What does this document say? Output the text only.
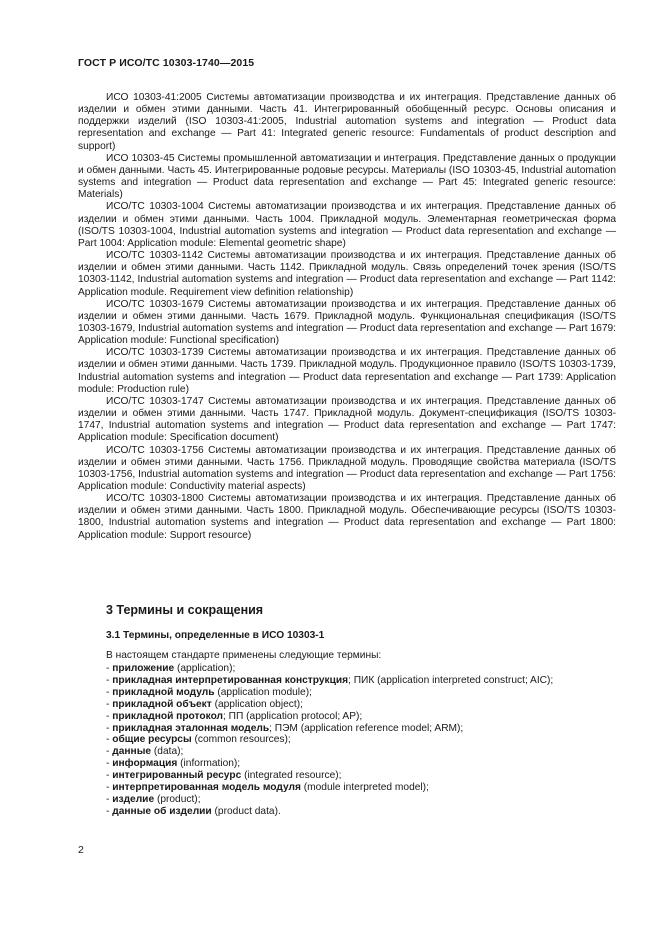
ГОСТ Р ИСО/ТС 10303-1740—2015

ИСО 10303-41:2005 Системы автоматизации производства и их интеграция. Представление данных об изделии и обмен этими данными. Часть 41. Интегрированный обобщенный ресурс. Основы описания и поддержки изделий (ISO 10303-41:2005, Industrial automation systems and integration — Product data representation and exchange — Part 41: Integrated generic resource: Fundamentals of product description and support)

ИСО 10303-45 Системы промышленной автоматизации и интеграция. Представление данных о продукции и обмен данными. Часть 45. Интегрированные родовые ресурсы. Материалы (ISO 10303-45, Industrial automation systems and integration — Product data representation and exchange — Part 45: Integrated generic resource: Materials)

ИСО/ТС 10303-1004 Системы автоматизации производства и их интеграция. Представление данных об изделии и обмен этими данными. Часть 1004. Прикладной модуль. Элементарная геометрическая форма (ISO/TS 10303-1004, Industrial automation systems and integration — Product data representation and exchange — Part 1004: Application module: Elemental geometric shape)

ИСО/ТС 10303-1142 Системы автоматизации производства и их интеграция. Представление данных об изделии и обмен этими данными. Часть 1142. Прикладной модуль. Связь определений точек зрения (ISO/TS 10303-1142, Industrial automation systems and integration — Product data representation and exchange — Part 1142: Application module. Requirement view definition relationship)

ИСО/ТС 10303-1679 Системы автоматизации производства и их интеграция. Представление данных об изделии и обмен этими данными. Часть 1679. Прикладной модуль. Функциональная спецификация (ISO/TS 10303-1679, Industrial automation systems and integration — Product data representation and exchange — Part 1679: Application module: Functional specification)

ИСО/ТС 10303-1739 Системы автоматизации производства и их интеграция. Представление данных об изделии и обмен этими данными. Часть 1739. Прикладной модуль. Продукционное правило (ISO/TS 10303-1739, Industrial automation systems and integration — Product data representation and exchange — Part 1739: Application module: Production rule)

ИСО/ТС 10303-1747 Системы автоматизации производства и их интеграция. Представление данных об изделии и обмен этими данными. Часть 1747. Прикладной модуль. Документ-спецификация (ISO/TS 10303-1747, Industrial automation systems and integration — Product data representation and exchange — Part 1747: Application module: Specification document)

ИСО/ТС 10303-1756 Системы автоматизации производства и их интеграция. Представление данных об изделии и обмен этими данными. Часть 1756. Прикладной модуль. Проводящие свойства материала (ISO/TS 10303-1756, Industrial automation systems and integration — Product data representation and exchange — Part 1756: Application module: Conductivity material aspects)

ИСО/ТС 10303-1800 Системы автоматизации производства и их интеграция. Представление данных об изделии и обмен этими данными. Часть 1800. Прикладной модуль. Обеспечивающие ресурсы (ISO/TS 10303-1800, Industrial automation systems and integration — Product data representation and exchange — Part 1800: Application module: Support resource)

3 Термины и сокращения
3.1 Термины, определенные в ИСО 10303-1
В настоящем стандарте применены следующие термины:
- приложение (application);
- прикладная интерпретированная конструкция; ПИК (application interpreted construct; AIC);
- прикладной модуль (application module);
- прикладной объект (application object);
- прикладной протокол; ПП (application protocol; AP);
- прикладная эталонная модель; ПЭМ (application reference model; ARM);
- общие ресурсы (common resources);
- данные (data);
- информация (information);
- интегрированный ресурс (integrated resource);
- интерпретированная модель модуля (module interpreted model);
- изделие (product);
- данные об изделии (product data).
2
